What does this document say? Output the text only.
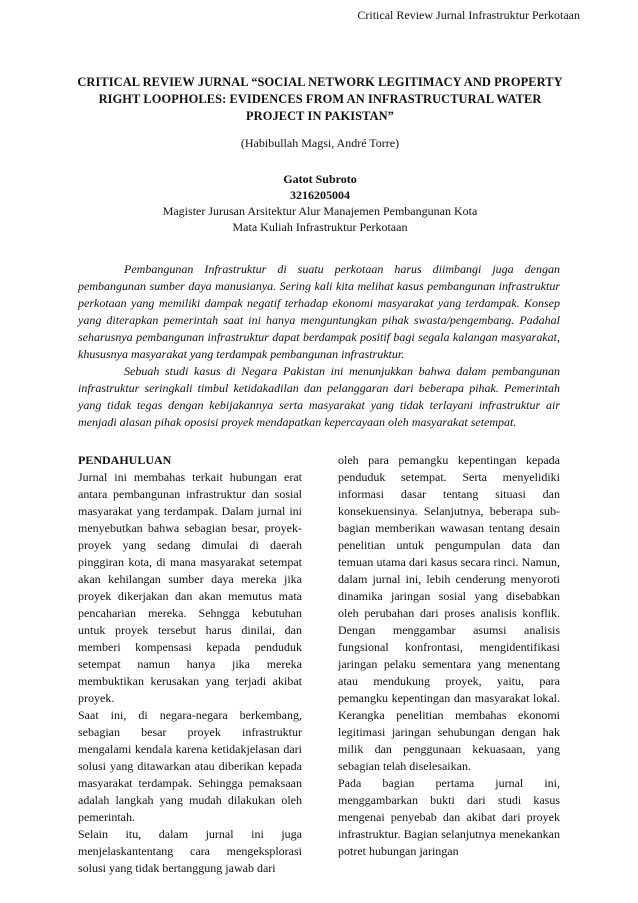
Critical Review Jurnal Infrastruktur Perkotaan
CRITICAL REVIEW JURNAL “SOCIAL NETWORK LEGITIMACY AND PROPERTY RIGHT LOOPHOLES: EVIDENCES FROM AN INFRASTRUCTURAL WATER PROJECT IN PAKISTAN”
(Habibullah Magsi, André Torre)
Gatot Subroto
3216205004
Magister Jurusan Arsitektur Alur Manajemen Pembangunan Kota
Mata Kuliah Infrastruktur Perkotaan

Pembangunan Infrastruktur di suatu perkotaan harus diimbangi juga dengan pembangunan sumber daya manusianya. Sering kali kita melihat kasus pembangunan infrastruktur perkotaan yang memiliki dampak negatif terhadap ekonomi masyarakat yang terdampak. Konsep yang diterapkan pemerintah saat ini hanya menguntungkan pihak swasta/pengembang. Padahal seharusnya pembangunan infrastruktur dapat berdampak positif bagi segala kalangan masyarakat, khususnya masyarakat yang terdampak pembangunan infrastruktur.

Sebuah studi kasus di Negara Pakistan ini menunjukkan bahwa dalam pembangunan infrastruktur seringkali timbul ketidakadilan dan pelanggaran dari beberapa pihak. Pemerintah yang tidak tegas dengan kebijakannya serta masyarakat yang tidak terlayani infrastruktur air menjadi alasan pihak oposisi proyek mendapatkan kepercayaan oleh masyarakat setempat.

PENDAHULUAN

Jurnal ini membahas terkait hubungan erat antara pembangunan infrastruktur dan sosial masyarakat yang terdampak. Dalam jurnal ini menyebutkan bahwa sebagian besar, proyek-proyek yang sedang dimulai di daerah pinggiran kota, di mana masyarakat setempat akan kehilangan sumber daya mereka jika proyek dikerjakan dan akan memutus mata pencaharian mereka. Sehngga kebutuhan untuk proyek tersebut harus dinilai, dan memberi kompensasi kepada penduduk setempat namun hanya jika mereka membuktikan kerusakan yang terjadi akibat proyek.

Saat ini, di negara-negara berkembang, sebagian besar proyek infrastruktur mengalami kendala karena ketidakjelasan dari solusi yang ditawarkan atau diberikan kepada masyarakat terdampak. Sehingga pemaksaan adalah langkah yang mudah dilakukan oleh pemerintah.

Selain itu, dalam jurnal ini juga menjelaskantentang cara mengeksplorasi solusi yang tidak bertanggung jawab dari

oleh para pemangku kepentingan kepada penduduk setempat. Serta menyelidiki informasi dasar tentang situasi dan konsekuensinya. Selanjutnya, beberapa sub-bagian memberikan wawasan tentang desain penelitian untuk pengumpulan data dan temuan utama dari kasus secara rinci. Namun, dalam jurnal ini, lebih cenderung menyoroti dinamika jaringan sosial yang disebabkan oleh perubahan dari proses analisis konflik. Dengan menggambar asumsi analisis fungsional konfrontasi, mengidentifikasi jaringan pelaku sementara yang menentang atau mendukung proyek, yaitu, para pemangku kepentingan dan masyarakat lokal. Kerangka penelitian membahas ekonomi legitimasi jaringan sehubungan dengan hak milik dan penggunaan kekuasaan, yang sebagian telah diselesaikan.

Pada bagian pertama jurnal ini, menggambarkan bukti dari studi kasus mengenai penyebab dan akibat dari proyek infrastruktur. Bagian selanjutnya menekankan potret hubungan jaringan
